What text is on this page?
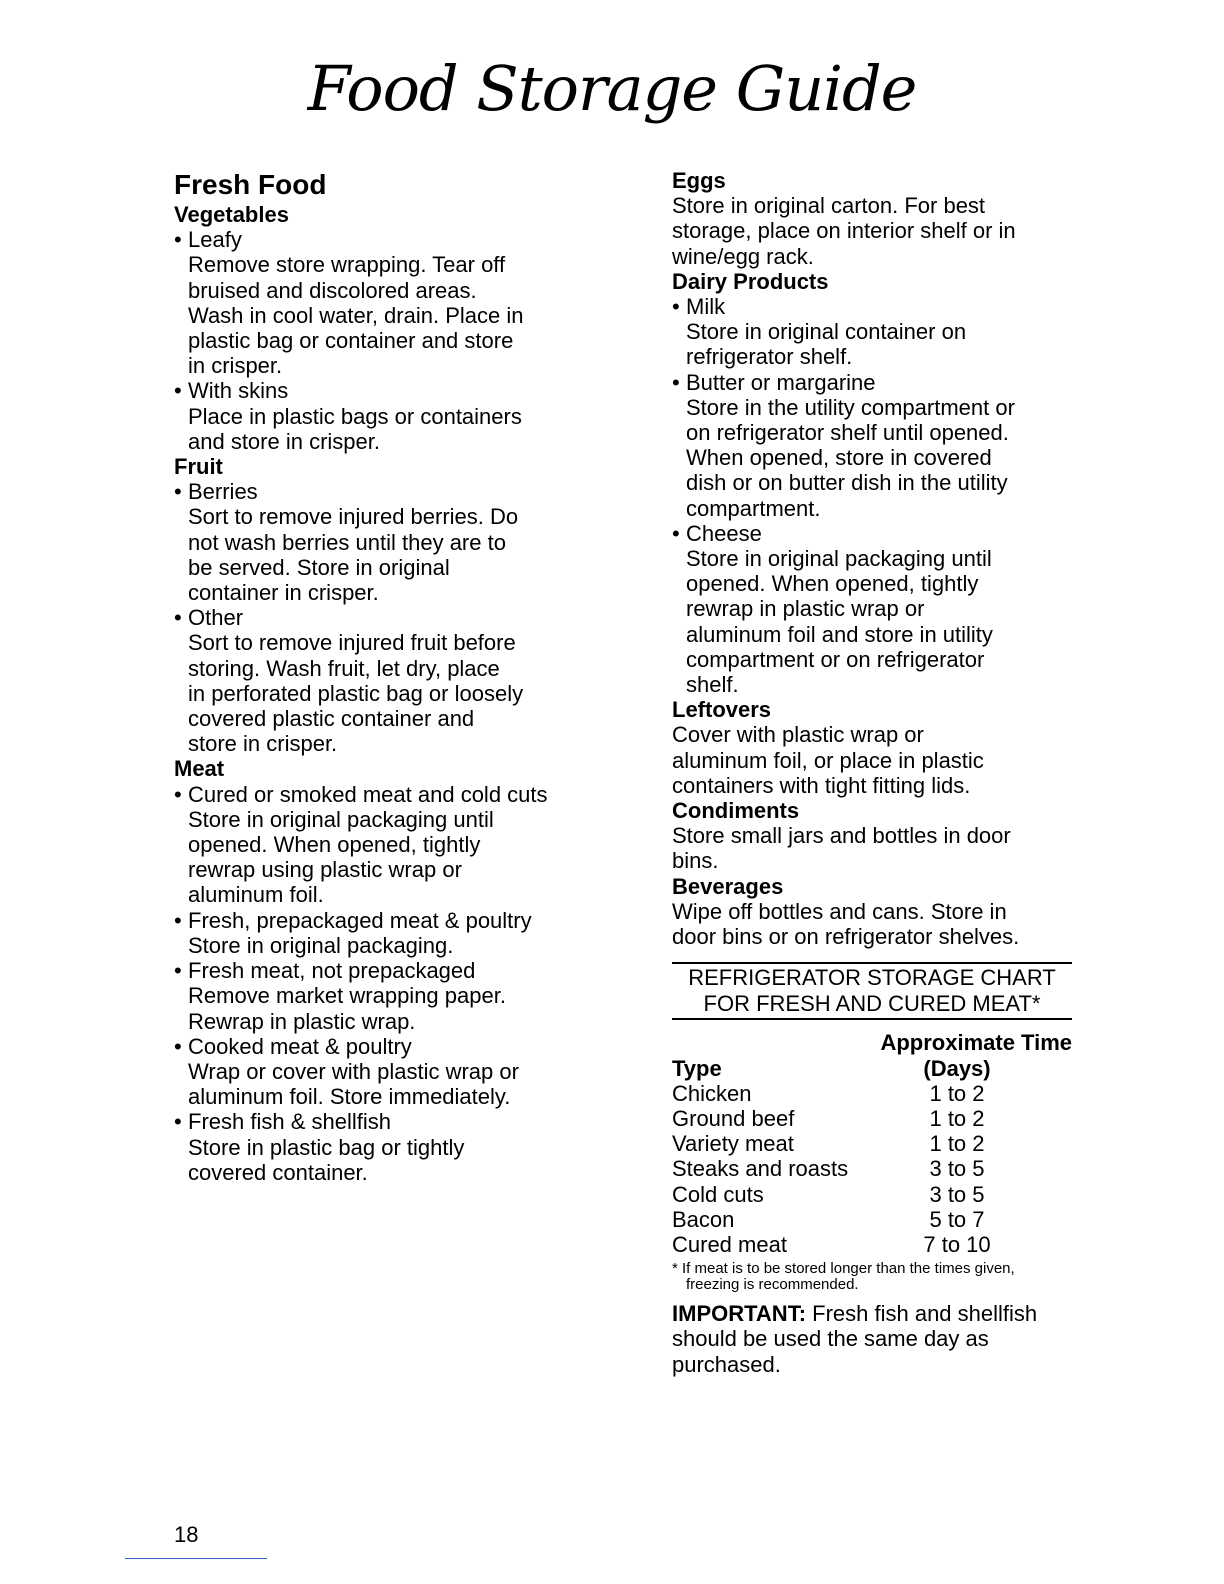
Food Storage Guide
Fresh Food
Vegetables
• Leafy
Remove store wrapping. Tear off
bruised and discolored areas.
Wash in cool water, drain. Place in
plastic bag or container and store
in crisper.
• With skins
Place in plastic bags or containers
and store in crisper.
Fruit
• Berries
Sort to remove injured berries. Do
not wash berries until they are to
be served. Store in original
container in crisper.
• Other
Sort to remove injured fruit before
storing. Wash fruit, let dry, place
in perforated plastic bag or loosely
covered plastic container and
store in crisper.
Meat
• Cured or smoked meat and cold cuts
Store in original packaging until
opened. When opened, tightly
rewrap using plastic wrap or
aluminum foil.
• Fresh, prepackaged meat & poultry
Store in original packaging.
• Fresh meat, not prepackaged
Remove market wrapping paper.
Rewrap in plastic wrap.
• Cooked meat & poultry
Wrap or cover with plastic wrap or
aluminum foil. Store immediately.
• Fresh fish & shellfish
Store in plastic bag or tightly
covered container.
Eggs
Store in original carton. For best
storage, place on interior shelf or in
wine/egg rack.
Dairy Products
• Milk
Store in original container on
refrigerator shelf.
• Butter or margarine
Store in the utility compartment or
on refrigerator shelf until opened.
When opened, store in covered
dish or on butter dish in the utility
compartment.
• Cheese
Store in original packaging until
opened. When opened, tightly
rewrap in plastic wrap or
aluminum foil and store in utility
compartment or on refrigerator
shelf.
Leftovers
Cover with plastic wrap or
aluminum foil, or place in plastic
containers with tight fitting lids.
Condiments
Store small jars and bottles in door
bins.
Beverages
Wipe off bottles and cans. Store in
door bins or on refrigerator shelves.
REFRIGERATOR STORAGE CHART
FOR FRESH AND CURED MEAT*
Approximate Time
Type	(Days)
Chicken	1 to 2
Ground beef	1 to 2
Variety meat	1 to 2
Steaks and roasts	3 to 5
Cold cuts	3 to 5
Bacon	5 to 7
Cured meat	7 to 10
* If meat is to be stored longer than the times given, freezing is recommended.
IMPORTANT: Fresh fish and shellfish should be used the same day as purchased.
18
